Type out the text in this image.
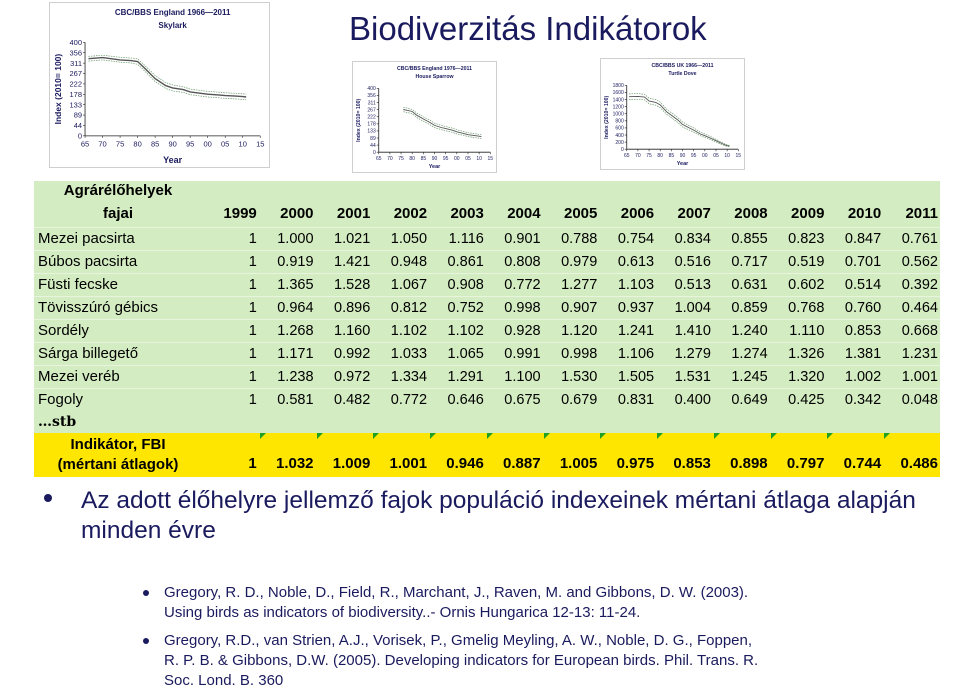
Biodiverzitás Indikátorok
CBC/BBS England 1966—2011
Skylark
400
356
311
267
222
178
133
89
44
0
65 70 75 80 85 90 95 00 05 10 15
Year
Index (2010= 100)	CBC/BBS England 1976—2011
House Sparrow
400
356
311
267
222
178
133
89
44
0
65 70 75 80 85 90 95 00 05 10 15
Year
Index (2010= 100)
CBC/BBS UK 1966—2011
Turtle Dove
1800
1600
1400
1200
1000
800
600
400
200
0
65 70 75 80 85 90 95 00 05 10 15
Year
Index (2010= 100)
Agrárélőhelyek													
fajai	1999	2000	2001	2002	2003	2004	2005	2006	2007	2008	2009	2010	2011
Mezei pacsirta	1	1.000	1.021	1.050	1.116	0.901	0.788	0.754	0.834	0.855	0.823	0.847	0.761
Búbos pacsirta	1	0.919	1.421	0.948	0.861	0.808	0.979	0.613	0.516	0.717	0.519	0.701	0.562
Füsti fecske	1	1.365	1.528	1.067	0.908	0.772	1.277	1.103	0.513	0.631	0.602	0.514	0.392
Tövisszúró gébics	1	0.964	0.896	0.812	0.752	0.998	0.907	0.937	1.004	0.859	0.768	0.760	0.464
Sordély	1	1.268	1.160	1.102	1.102	0.928	1.120	1.241	1.410	1.240	1.110	0.853	0.668
Sárga billegető	1	1.171	0.992	1.033	1.065	0.991	0.998	1.106	1.279	1.274	1.326	1.381	1.231
Mezei veréb	1	1.238	0.972	1.334	1.291	1.100	1.530	1.505	1.531	1.245	1.320	1.002	1.001
Fogoly	1	0.581	0.482	0.772	0.646	0.675	0.679	0.831	0.400	0.649	0.425	0.342	0.048
…stb													

Indikátor, FBI
(mértani átlagok)	1	1.032	1.009	1.001	0.946	0.887	1.005	0.975	0.853	0.898	0.797	0.744	0.486
Az adott élőhelyre jellemző fajok populáció indexeinek mértani átlaga alapján minden évre
Gregory, R. D., Noble, D., Field, R., Marchant, J., Raven, M. and Gibbons, D. W. (2003).
Using birds as indicators of biodiversity..- Ornis Hungarica 12-13: 11-24.
Gregory, R.D., van Strien, A.J., Vorisek, P., Gmelig Meyling, A. W., Noble, D. G., Foppen,
R. P. B. & Gibbons, D.W. (2005). Developing indicators for European birds. Phil. Trans. R.
Soc. Lond. B. 360
